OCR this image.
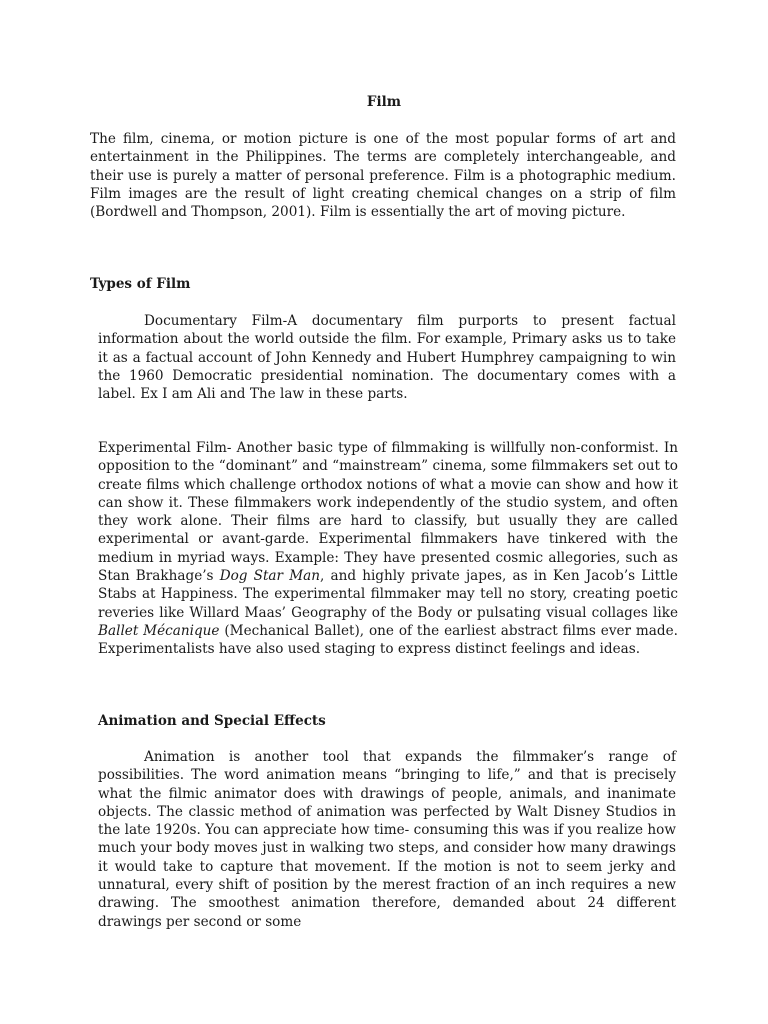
Film

The film, cinema, or motion picture is one of the most popular forms of art and entertainment in the Philippines. The terms are completely interchangeable, and their use is purely a matter of personal preference. Film is a photographic medium. Film images are the result of light creating chemical changes on a strip of film (Bordwell and Thompson, 2001). Film is essentially the art of moving picture.

Types of Film

Documentary Film-A documentary film purports to present factual information about the world outside the film. For example, Primary asks us to take it as a factual account of John Kennedy and Hubert Humphrey campaigning to win the 1960 Democratic presidential nomination. The documentary comes with a label. Ex I am Ali and The law in these parts.

Experimental Film- Another basic type of filmmaking is willfully non-conformist. In opposition to the “dominant” and “mainstream” cinema, some filmmakers set out to create films which challenge orthodox notions of what a movie can show and how it can show it. These filmmakers work independently of the studio system, and often they work alone. Their films are hard to classify, but usually they are called experimental or avant-garde. Experimental filmmakers have tinkered with the medium in myriad ways. Example: They have presented cosmic allegories, such as Stan Brakhage’s Dog Star Man, and highly private japes, as in Ken Jacob’s Little Stabs at Happiness. The experimental filmmaker may tell no story, creating poetic reveries like Willard Maas’ Geography of the Body or pulsating visual collages like Ballet Mécanique (Mechanical Ballet), one of the earliest abstract films ever made. Experimentalists have also used staging to express distinct feelings and ideas.

Animation and Special Effects

Animation is another tool that expands the filmmaker’s range of possibilities. The word animation means “bringing to life,” and that is precisely what the filmic animator does with drawings of people, animals, and inanimate objects. The classic method of animation was perfected by Walt Disney Studios in the late 1920s. You can appreciate how time- consuming this was if you realize how much your body moves just in walking two steps, and consider how many drawings it would take to capture that movement. If the motion is not to seem jerky and unnatural, every shift of position by the merest fraction of an inch requires a new drawing. The smoothest animation therefore, demanded about 24 different drawings per second or some
